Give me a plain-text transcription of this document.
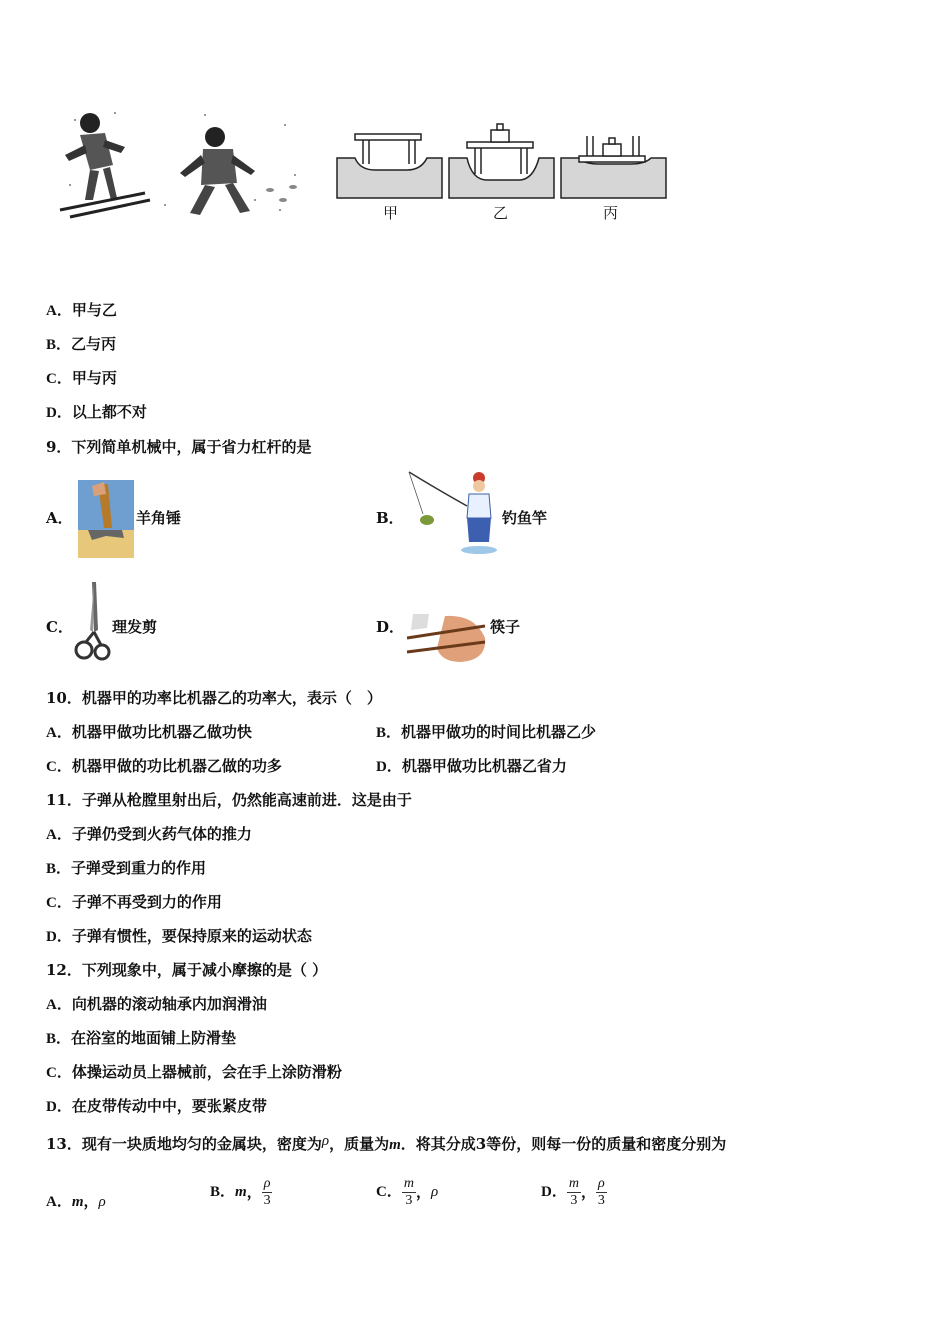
甲	乙	丙
A．甲与乙
B．乙与丙
C．甲与丙
D．以上都不对
9．下列简单机械中，属于省力杠杆的是
A．	羊角锤	B．	钓鱼竿
C．	理发剪	D．	筷子
10．机器甲的功率比机器乙的功率大，表示（　）
A．机器甲做功比机器乙做功快	B．机器甲做功的时间比机器乙少
C．机器甲做的功比机器乙做的功多	D．机器甲做功比机器乙省力
11．子弹从枪膛里射出后，仍然能高速前进．这是由于
A．子弹仍受到火药气体的推力
B．子弹受到重力的作用
C．子弹不再受到力的作用
D．子弹有惯性，要保持原来的运动状态
12．下列现象中，属于减小摩擦的是（ ）
A．向机器的滚动轴承内加润滑油
B．在浴室的地面铺上防滑垫
C．体操运动员上器械前，会在手上涂防滑粉
D．在皮带传动中中，要张紧皮带
13．现有一块质地均匀的金属块，密度为ρ，质量为m．将其分成3等份，则每一份的质量和密度分别为
A．m，ρ
B． m ， $\frac{\rho}{3}$	C． $\frac{m}{3}$ ， ρ	D． $\frac{m}{3}$ ， $\frac{\rho}{3}$
